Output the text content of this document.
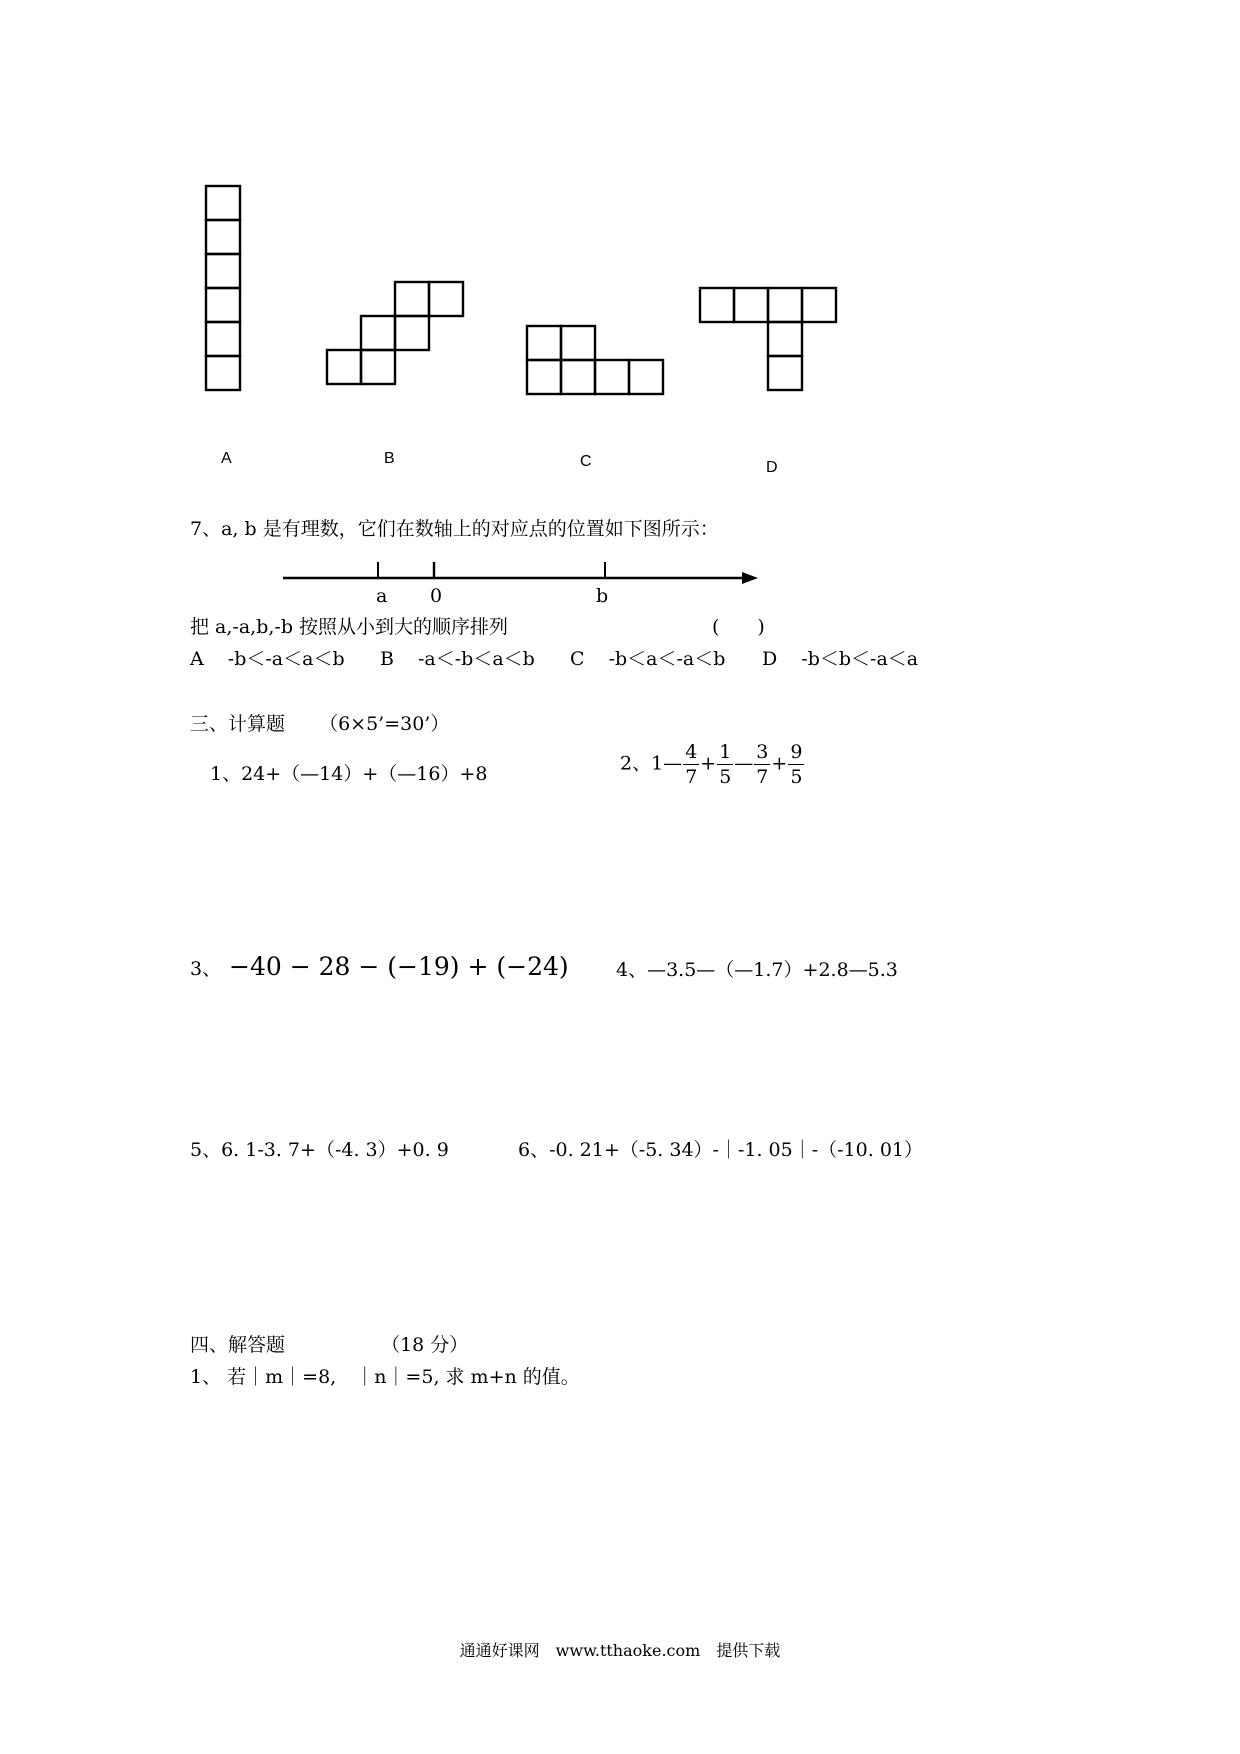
A	B	C	D
7、a, b 是有理数，它们在数轴上的对应点的位置如下图所示：
a 0	b
把 a,-a,b,-b 按照从小到大的顺序排列	(　　)
A -b＜-a＜a＜b B -a＜-b＜a＜b C -b＜a＜-a＜b D -b＜b＜-a＜a
三、计算题 （6×5’=30’）
1、24+（—14）+（—16）+8	2、1— $\frac{4}{7} + \frac{1}{5}$ — $\frac{3}{7} + \frac{9}{5}$
3、 −40 − 28 − (−19) + (−24) 4、—3.5—（—1.7）+2.8—5.3
5、6. 1-3. 7+（-4. 3）+0. 9	6、-0. 21+（-5. 34）-｜-1. 05｜-（-10. 01）
四、解答题	（18 分）
1、 若｜m｜=8,　｜n｜=5, 求 m+n 的值。
通通好课网　www.tthaoke.com　提供下载
